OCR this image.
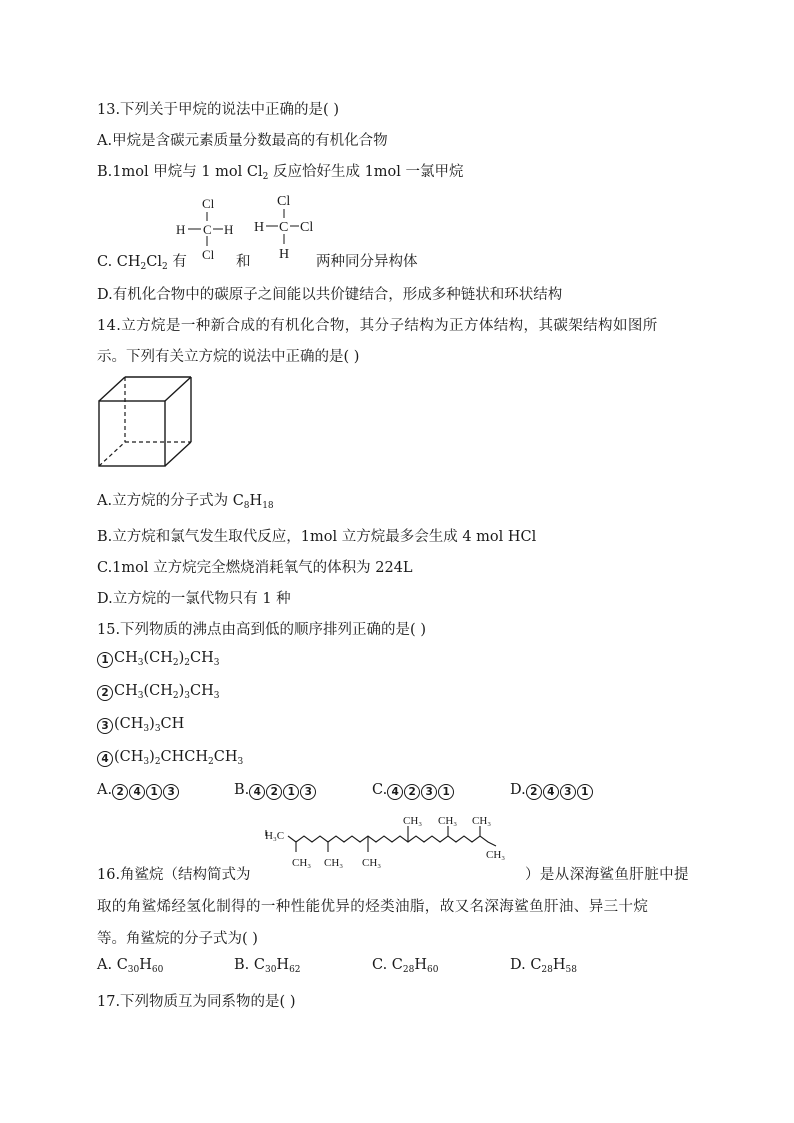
13.下列关于甲烷的说法中正确的是( )
A.甲烷是含碳元素质量分数最高的有机化合物
B.1mol 甲烷与 1 mol $Cl_2$ 反应恰好生成 1mol 一氯甲烷
Cl
H C H
Cl
Cl
H C Cl
H
C. $CH_2Cl_2$ 有	和	两种同分异构体
D.有机化合物中的碳原子之间能以共价键结合，形成多种链状和环状结构
14.立方烷是一种新合成的有机化合物，其分子结构为正方体结构，其碳架结构如图所
示。下列有关立方烷的说法中正确的是( )
A.立方烷的分子式为 $C_8H_{18}$
B.立方烷和氯气发生取代反应，1mol 立方烷最多会生成 4 mol HCl
C.1mol 立方烷完全燃烧消耗氧气的体积为 224L
D.立方烷的一氯代物只有 1 种
15.下列物质的沸点由高到低的顺序排列正确的是( )
1 $CH_3(CH_2)_2CH_3$
2 $CH_3(CH_2)_3CH_3$
3 $(CH_3)_3CH$
4 $(CH_3)_2CHCH_2CH_3$
A. 2 4 1 3	B. 4 2 1 3	C. 4 2 3 1	D. 2 4 3 1
H₃C
CH₃ CH₃ CH₃
CH₃ CH₃ CH₃
CH₃
16.角鲨烷（结构简式为	）是从深海鲨鱼肝脏中提
取的角鲨烯经氢化制得的一种性能优异的烃类油脂，故又名深海鲨鱼肝油、异三十烷
等。角鲨烷的分子式为( )
A. $C_{30}H_{60}$	B. $C_{30}H_{62}$	C. $C_{28}H_{60}$	D. $C_{28}H_{58}$
17.下列物质互为同系物的是( )
